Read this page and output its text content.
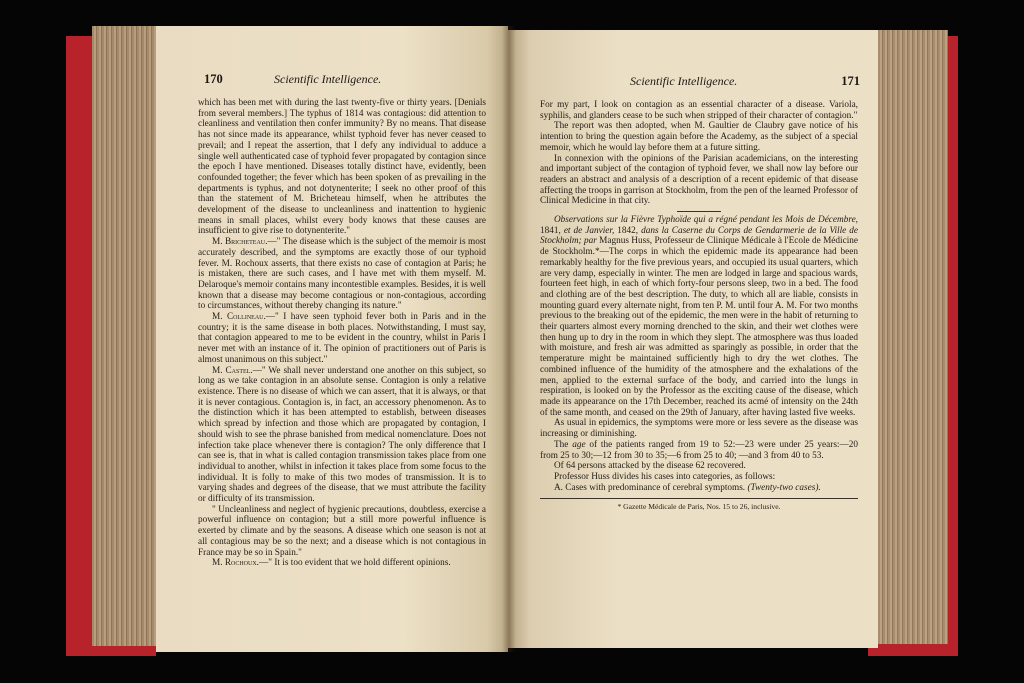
170	Scientific Intelligence.

which has been met with during the last twenty-five or thirty years. [Denials from several members.] The typhus of 1814 was contagious: did attention to cleanliness and ventilation then confer immunity? By no means. That disease has not since made its appearance, whilst typhoid fever has never ceased to prevail; and I repeat the assertion, that I defy any individual to adduce a single well authenticated case of typhoid fever propagated by contagion since the epoch I have mentioned. Diseases totally distinct have, evidently, been confounded together; the fever which has been spoken of as prevailing in the departments is typhus, and not dotynenterite; I seek no other proof of this than the statement of M. Bricheteau himself, when he attributes the development of the disease to uncleanliness and inattention to hygienic means in small places, whilst every body knows that these causes are insufficient to give rise to dotynenterite."

M. Bricheteau.—" The disease which is the subject of the memoir is most accurately described, and the symptoms are exactly those of our typhoid fever. M. Rochoux asserts, that there exists no case of contagion at Paris; he is mistaken, there are such cases, and I have met with them myself. M. Delaroque's memoir contains many incontestible examples. Besides, it is well known that a disease may become contagious or non-contagious, according to circumstances, without thereby changing its nature."

M. Collineau.—" I have seen typhoid fever both in Paris and in the country; it is the same disease in both places. Notwithstanding, I must say, that contagion appeared to me to be evident in the country, whilst in Paris I never met with an instance of it. The opinion of practitioners out of Paris is almost unanimous on this subject."

M. Castel.—" We shall never understand one another on this subject, so long as we take contagion in an absolute sense. Contagion is only a relative existence. There is no disease of which we can assert, that it is always, or that it is never contagious. Contagion is, in fact, an accessory phenomenon. As to the distinction which it has been attempted to establish, between diseases which spread by infection and those which are propagated by contagion, I should wish to see the phrase banished from medical nomenclature. Does not infection take place whenever there is contagion? The only difference that I can see is, that in what is called contagion transmission takes place from one individual to another, whilst in infection it takes place from some focus to the individual. It is folly to make of this two modes of transmission. It is to varying shades and degrees of the disease, that we must attribute the facility or difficulty of its transmission.

" Uncleanliness and neglect of hygienic precautions, doubtless, exercise a powerful influence on contagion; but a still more powerful influence is exerted by climate and by the seasons. A disease which one season is not at all contagious may be so the next; and a disease which is not contagious in France may be so in Spain."

M. Rochoux.—" It is too evident that we hold different opinions.

Scientific Intelligence.	171

For my part, I look on contagion as an essential character of a disease. Variola, syphilis, and glanders cease to be such when stripped of their character of contagion."

The report was then adopted, when M. Gaultier de Claubry gave notice of his intention to bring the question again before the Academy, as the subject of a special memoir, which he would lay before them at a future sitting.

In connexion with the opinions of the Parisian academicians, on the interesting and important subject of the contagion of typhoid fever, we shall now lay before our readers an abstract and analysis of a description of a recent epidemic of that disease affecting the troops in garrison at Stockholm, from the pen of the learned Professor of Clinical Medicine in that city.

Observations sur la Fièvre Typhoïde qui a régné pendant les Mois de Décembre, 1841, et de Janvier, 1842, dans la Caserne du Corps de Gendarmerie de la Ville de Stockholm; par Magnus Huss, Professeur de Clinique Médicale à l'Ecole de Médicine de Stockholm.*—The corps in which the epidemic made its appearance had been remarkably healthy for the five previous years, and occupied its usual quarters, which are very damp, especially in winter. The men are lodged in large and spacious wards, fourteen feet high, in each of which forty-four persons sleep, two in a bed. The food and clothing are of the best description. The duty, to which all are liable, consists in mounting guard every alternate night, from ten P. M. until four A. M. For two months previous to the breaking out of the epidemic, the men were in the habit of returning to their quarters almost every morning drenched to the skin, and their wet clothes were then hung up to dry in the room in which they slept. The atmosphere was thus loaded with moisture, and fresh air was admitted as sparingly as possible, in order that the temperature might be maintained sufficiently high to dry the wet clothes. The combined influence of the humidity of the atmosphere and the exhalations of the men, applied to the external surface of the body, and carried into the lungs in respiration, is looked on by the Professor as the exciting cause of the disease, which made its appearance on the 17th December, reached its acmé of intensity on the 24th of the same month, and ceased on the 29th of January, after having lasted five weeks.

As usual in epidemics, the symptoms were more or less severe as the disease was increasing or diminishing.

The age of the patients ranged from 19 to 52:—23 were under 25 years:—20 from 25 to 30;—12 from 30 to 35;—6 from 25 to 40; —and 3 from 40 to 53.

Of 64 persons attacked by the disease 62 recovered.

Professor Huss divides his cases into categories, as follows:

A. Cases with predominance of cerebral symptoms. (Twenty-two cases).

* Gazette Médicale de Paris, Nos. 15 to 26, inclusive.
